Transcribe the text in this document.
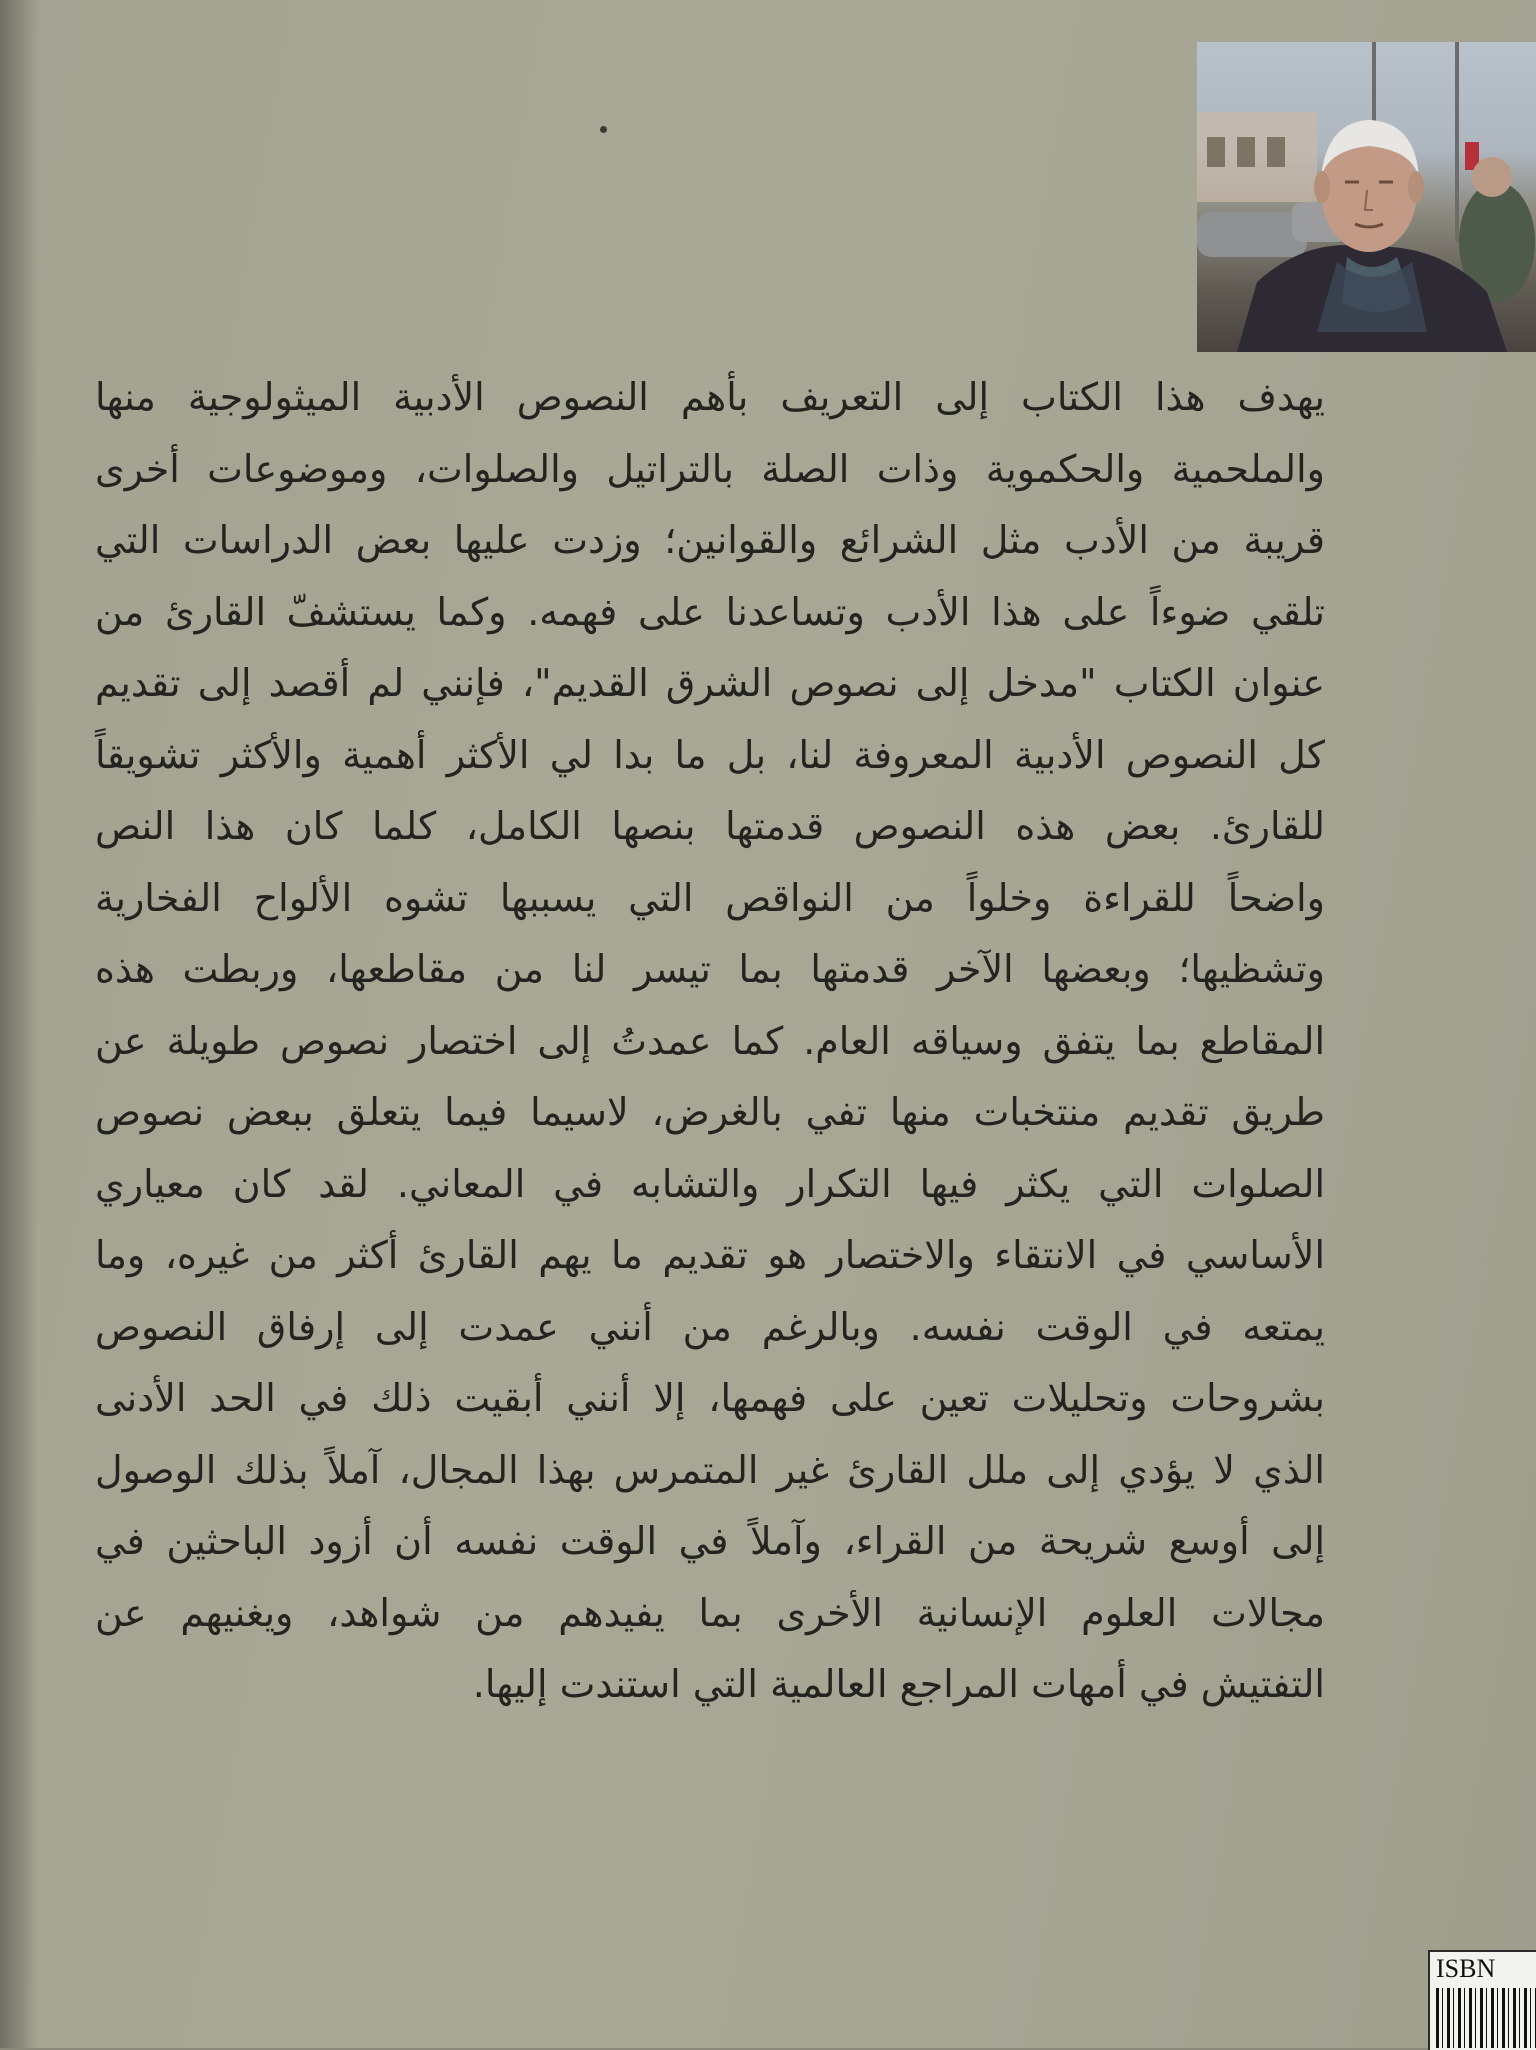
يهدف هذا الكتاب إلى التعريف بأهم النصوص الأدبية الميثولوجية منها
والملحمية والحكموية وذات الصلة بالتراتيل والصلوات، وموضوعات أخرى
قريبة من الأدب مثل الشرائع والقوانين؛ وزدت عليها بعض الدراسات التي
تلقي ضوءاً على هذا الأدب وتساعدنا على فهمه. وكما يستشفّ القارئ من
عنوان الكتاب "مدخل إلى نصوص الشرق القديم"، فإنني لم أقصد إلى تقديم
كل النصوص الأدبية المعروفة لنا، بل ما بدا لي الأكثر أهمية والأكثر تشويقاً
للقارئ. بعض هذه النصوص قدمتها بنصها الكامل، كلما كان هذا النص
واضحاً للقراءة وخلواً من النواقص التي يسببها تشوه الألواح الفخارية
وتشظيها؛ وبعضها الآخر قدمتها بما تيسر لنا من مقاطعها، وربطت هذه
المقاطع بما يتفق وسياقه العام. كما عمدتُ إلى اختصار نصوص طويلة عن
طريق تقديم منتخبات منها تفي بالغرض، لاسيما فيما يتعلق ببعض نصوص
الصلوات التي يكثر فيها التكرار والتشابه في المعاني. لقد كان معياري
الأساسي في الانتقاء والاختصار هو تقديم ما يهم القارئ أكثر من غيره، وما
يمتعه في الوقت نفسه. وبالرغم من أنني عمدت إلى إرفاق النصوص
بشروحات وتحليلات تعين على فهمها، إلا أنني أبقيت ذلك في الحد الأدنى
الذي لا يؤدي إلى ملل القارئ غير المتمرس بهذا المجال، آملاً بذلك الوصول
إلى أوسع شريحة من القراء، وآملاً في الوقت نفسه أن أزود الباحثين في
مجالات العلوم الإنسانية الأخرى بما يفيدهم من شواهد، ويغنيهم عن
التفتيش في أمهات المراجع العالمية التي استندت إليها.
ISBN
